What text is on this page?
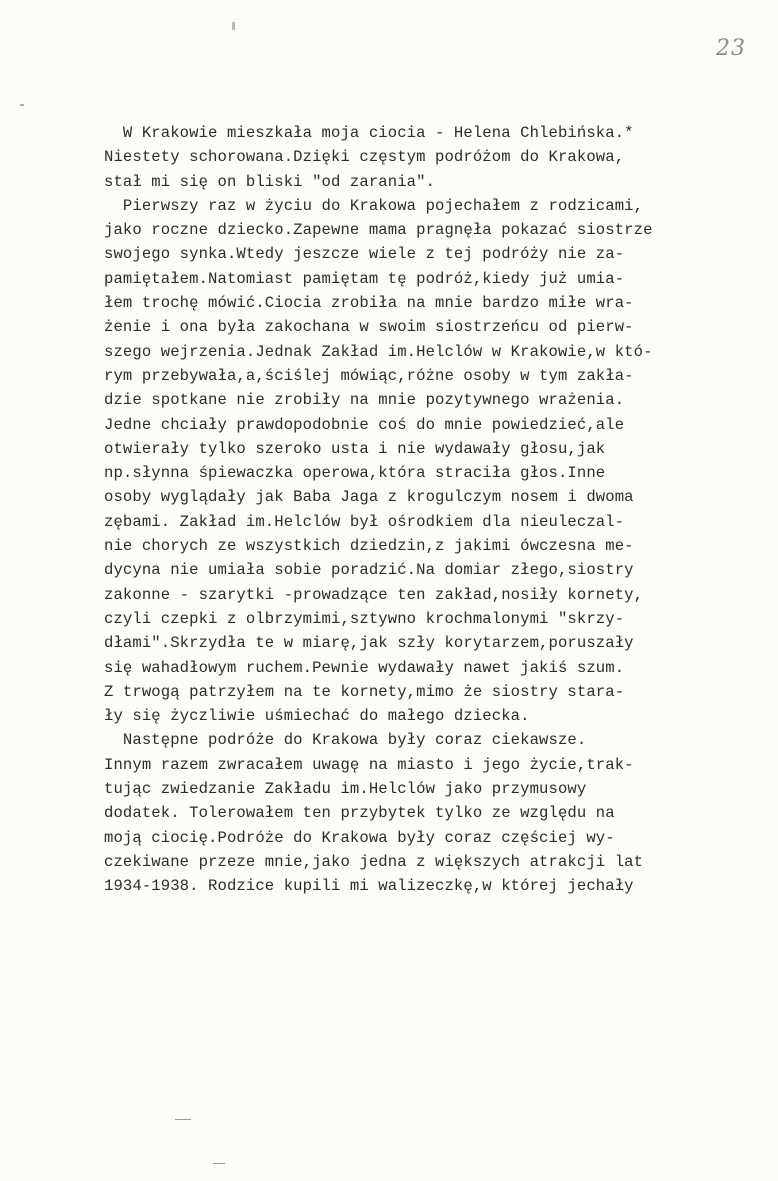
23
W Krakowie mieszkała moja ciocia - Helena Chlebińska.*
Niestety schorowana.Dzięki częstym podróżom do Krakowa,
stał mi się on bliski "od zarania".
Pierwszy raz w życiu do Krakowa pojechałem z rodzicami,
jako roczne dziecko.Zapewne mama pragnęła pokazać siostrze
swojego synka.Wtedy jeszcze wiele z tej podróży nie za-
pamiętałem.Natomiast pamiętam tę podróż,kiedy już umia-
łem trochę mówić.Ciocia zrobiła na mnie bardzo miłe wra-
żenie i ona była zakochana w swoim siostrzeńcu od pierw-
szego wejrzenia.Jednak Zakład im.Helclów w Krakowie,w któ-
rym przebywała,a,ściślej mówiąc,różne osoby w tym zakła-
dzie spotkane nie zrobiły na mnie pozytywnego wrażenia.
Jedne chciały prawdopodobnie coś do mnie powiedzieć,ale
otwierały tylko szeroko usta i nie wydawały głosu,jak
np.słynna śpiewaczka operowa,która straciła głos.Inne
osoby wyglądały jak Baba Jaga z krogulczym nosem i dwoma
zębami. Zakład im.Helclów był ośrodkiem dla nieuleczal-
nie chorych ze wszystkich dziedzin,z jakimi ówczesna me-
dycyna nie umiała sobie poradzić.Na domiar złego,siostry
zakonne - szarytki -prowadzące ten zakład,nosiły kornety,
czyli czepki z olbrzymimi,sztywno krochmalonymi "skrzy-
dłami".Skrzydła te w miarę,jak szły korytarzem,poruszały
się wahadłowym ruchem.Pewnie wydawały nawet jakiś szum.
Z trwogą patrzyłem na te kornety,mimo że siostry stara-
ły się życzliwie uśmiechać do małego dziecka.
Następne podróże do Krakowa były coraz ciekawsze.
Innym razem zwracałem uwagę na miasto i jego życie,trak-
tując zwiedzanie Zakładu im.Helclów jako przymusowy
dodatek. Tolerowałem ten przybytek tylko ze względu na
moją ciocię.Podróże do Krakowa były coraz częściej wy-
czekiwane przeze mnie,jako jedna z większych atrakcji lat
1934-1938. Rodzice kupili mi walizeczkę,w której jechały
